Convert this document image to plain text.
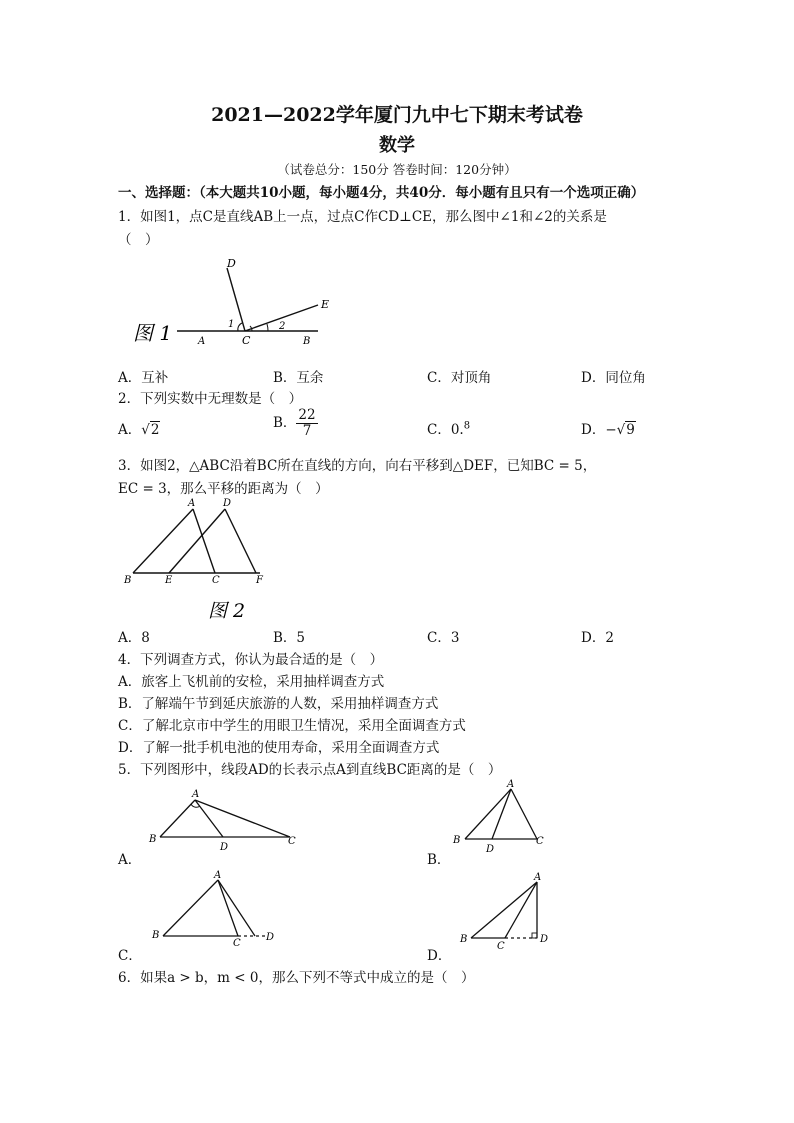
2021—2022学年厦门九中七下期末考试卷
数学
（试卷总分：150分 答卷时间：120分钟）
一、选择题：（本大题共10小题，每小题4分，共40分．每小题有且只有一个选项正确）
1．如图1，点C是直线AB上一点，过点C作CD⊥CE，那么图中∠1和∠2的关系是
（　）
D
E
A	C	B
1	2
图 1
A．互补	B．互余	C．对顶角	D．同位角
2．下列实数中无理数是（　）
A．√2	B． $\frac{22}{7}$	C．0.$^8$	D．−√9
3．如图2，△ABC沿着BC所在直线的方向，向右平移到△DEF，已知BC = 5，
EC = 3，那么平移的距离为（　）
A	D
B	E	C	F
图 2
A．8	B．5	C．3	D．2
4．下列调查方式，你认为最合适的是（　）
A．旅客上飞机前的安检，采用抽样调查方式
B．了解端午节到延庆旅游的人数，采用抽样调查方式
C．了解北京市中学生的用眼卫生情况，采用全面调查方式
D．了解一批手机电池的使用寿命，采用全面调查方式
5．下列图形中，线段AD的长表示点A到直线BC距离的是（　）
A
B	C
D
A．
A
B	C
D
B．
A
B
C
D
C．
A
B
C
D
D．
6．如果a > b，m < 0，那么下列不等式中成立的是（　）
